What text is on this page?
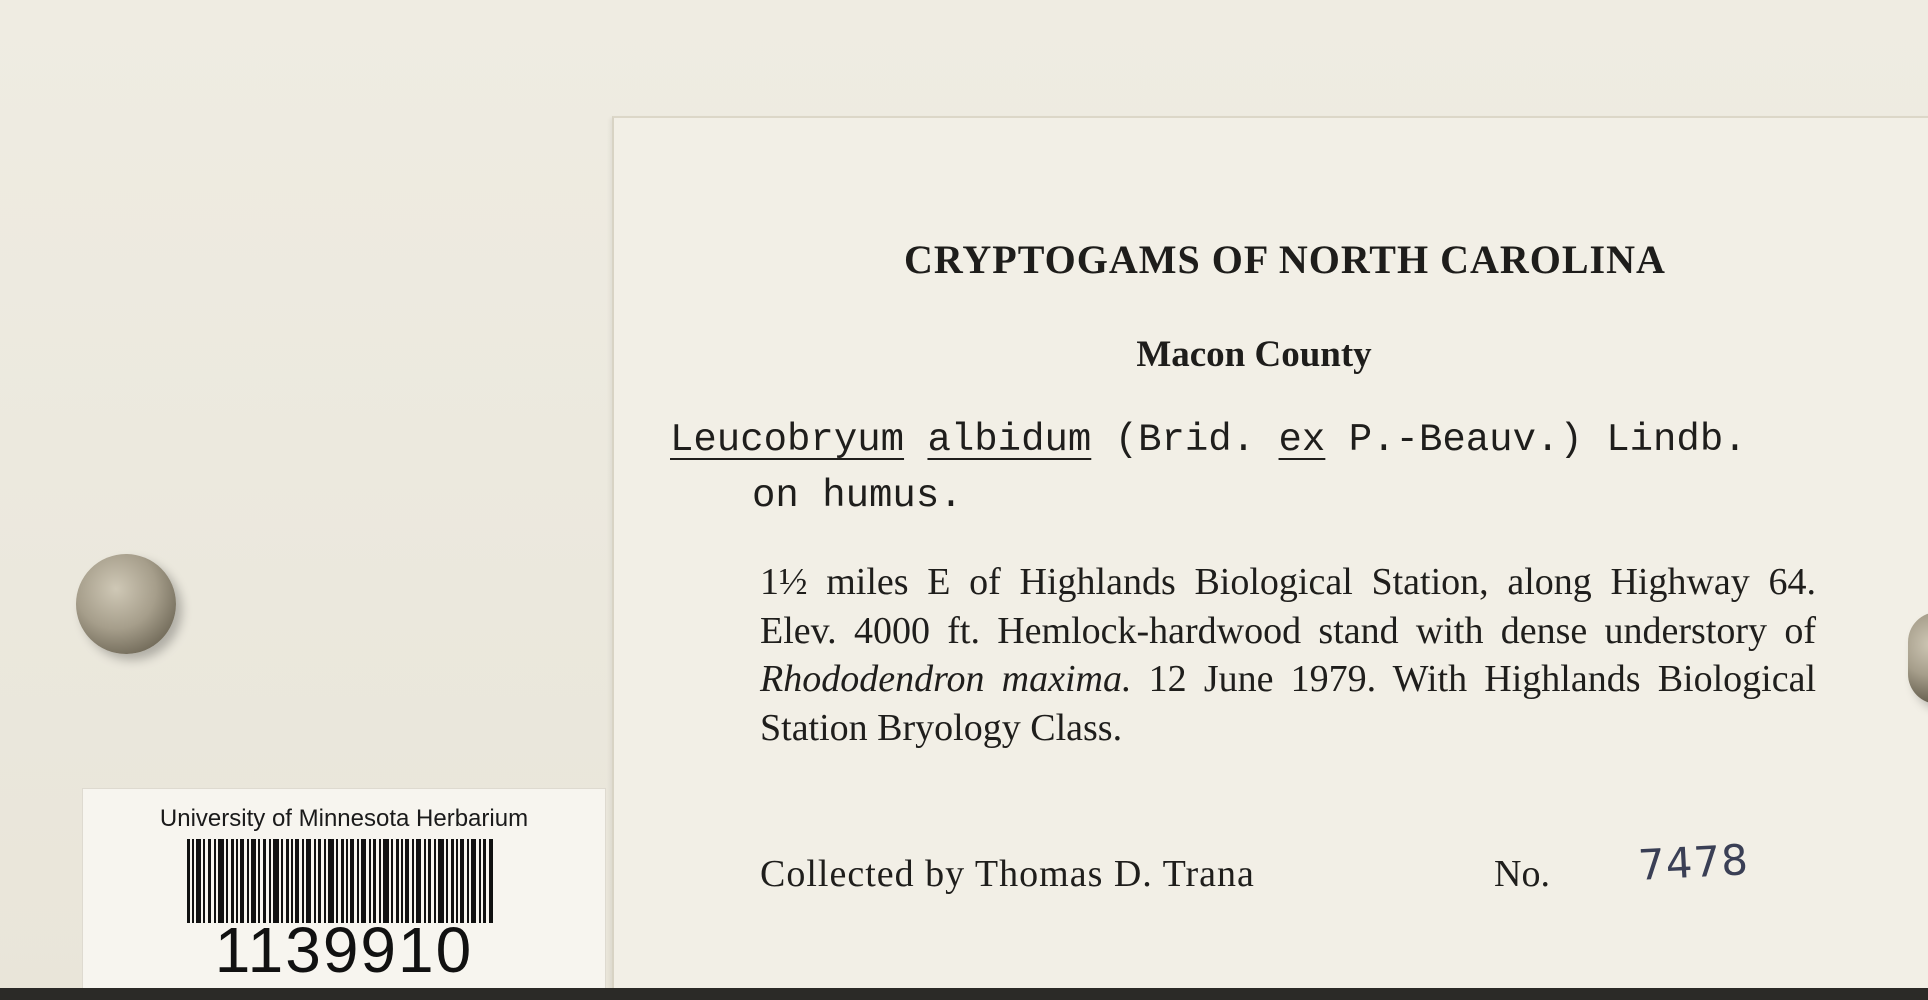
CRYPTOGAMS OF NORTH CAROLINA
Macon County
Leucobryum albidum (Brid. ex P.-Beauv.) Lindb.
on humus.
1½ miles E of Highlands Biological Station, along Highway 64. Elev. 4000 ft. Hemlock-hardwood stand with dense understory of Rhododendron maxima. 12 June 1979. With Highlands Biological Station Bryology Class.
Collected by Thomas D. Trana	No. 7478
University of Minnesota Herbarium
1139910
